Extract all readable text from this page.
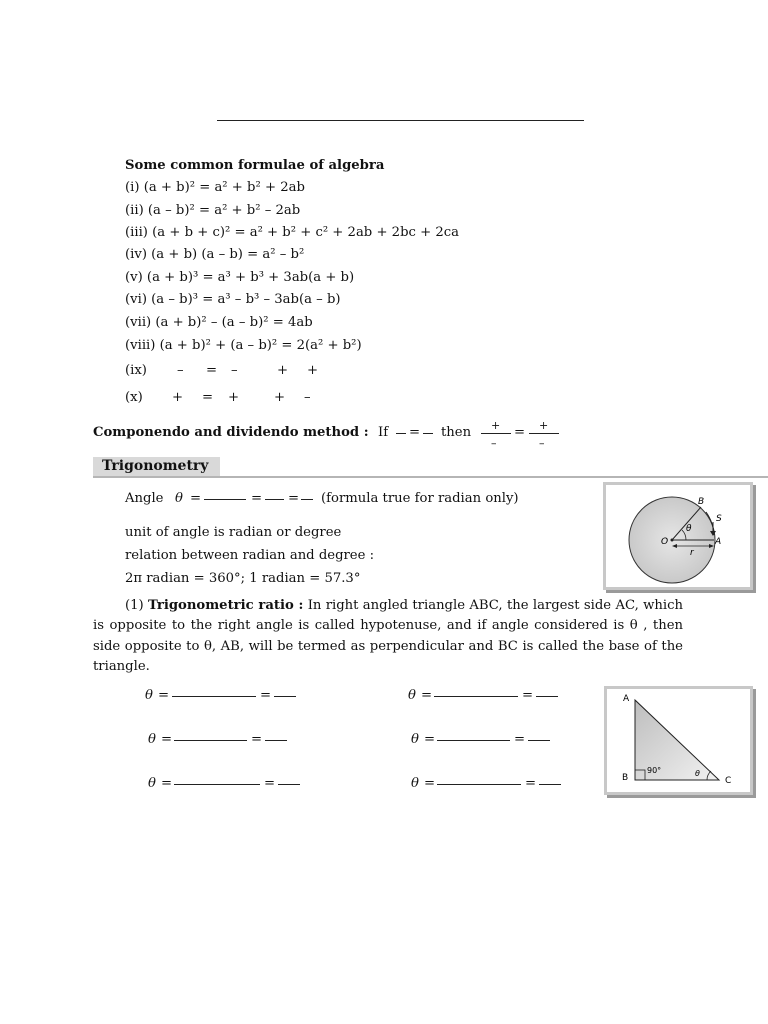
Some common formulae of algebra
(i) (a + b)² = a² + b² + 2ab
(ii) (a – b)² = a² + b² – 2ab
(iii) (a + b + c)² = a² + b² + c² + 2ab + 2bc + 2ca
(iv) (a + b) (a – b) = a² – b²
(v) (a + b)³ = a³ + b³ + 3ab(a + b)
(vi) (a – b)³ = a³ – b³ – 3ab(a – b)
(vii) (a + b)² – (a – b)² = 4ab
(viii) (a + b)² + (a – b)² = 2(a² + b²)
(ix) – = –	+ +
(x) + = +	+ –
Componendo and dividendo method : If = then +
–
= +
–
Trigonometry
Angle θ =	= = (formula true for radian only)
unit of angle is radian or degree
relation between radian and degree :
2π radian = 360°; 1 radian = 57.3°
(1) Trigonometric ratio : In right angled triangle ABC, the largest side AC, which is opposite to the right angle is called hypotenuse, and if angle considered is θ , then side opposite to θ, AB, will be termed as perpendicular and BC is called the base of the triangle.
B
S
A
O
r
θ
θ =	=
θ =	=
θ =	=
θ =	=
θ =	=
θ =	=
A
B	C
90°	θ
